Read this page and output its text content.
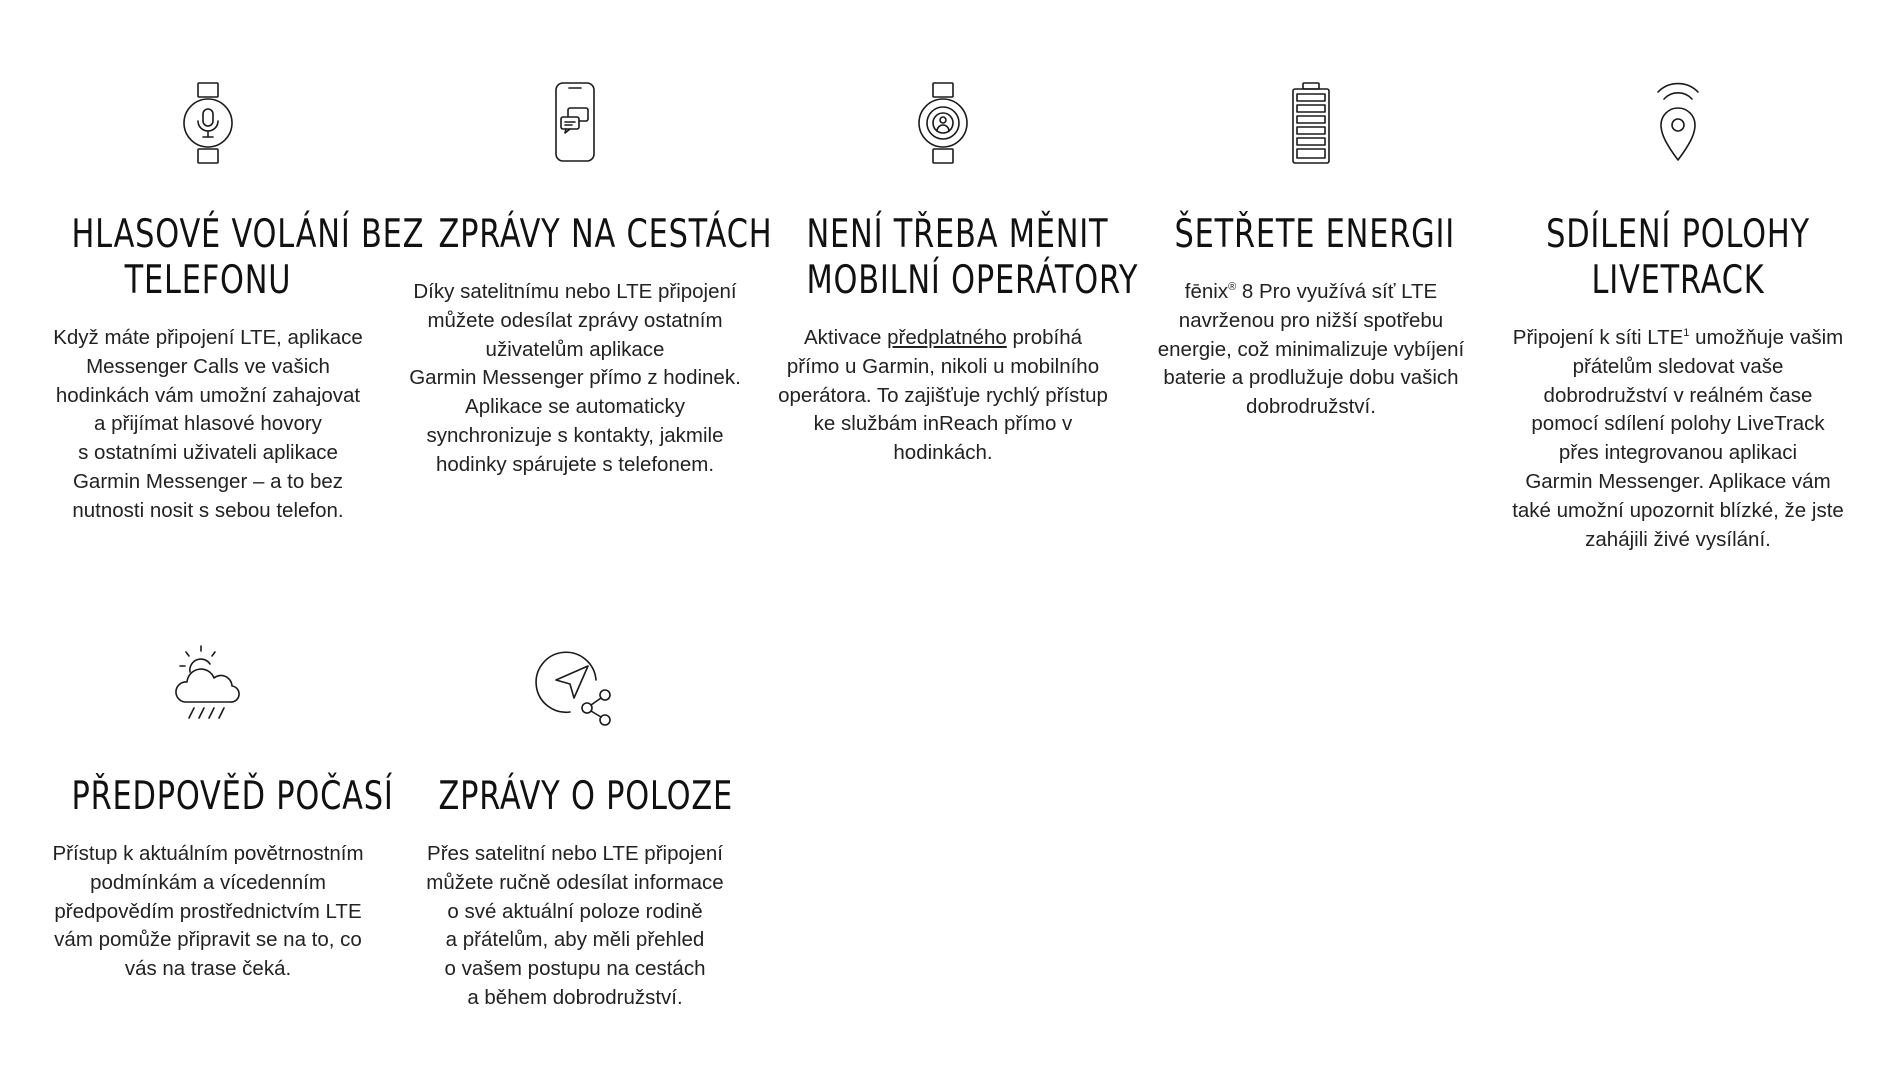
HLASOVÉ VOLÁNÍ BEZ
TELEFONU

Když máte připojení LTE, aplikace
Messenger Calls ve vašich
hodinkách vám umožní zahajovat
a přijímat hlasové hovory
s ostatními uživateli aplikace
Garmin Messenger – a to bez
nutnosti nosit s sebou telefon.

ZPRÁVY NA CESTÁCH

Díky satelitnímu nebo LTE připojení
můžete odesílat zprávy ostatním
uživatelům aplikace
Garmin Messenger přímo z hodinek.
Aplikace se automaticky
synchronizuje s kontakty, jakmile
hodinky spárujete s telefonem.

NENÍ TŘEBA MĚNIT
MOBILNÍ OPERÁTORY

Aktivace předplatného probíhá
přímo u Garmin, nikoli u mobilního
operátora. To zajišťuje rychlý přístup
ke službám inReach přímo v
hodinkách.

ŠETŘETE ENERGII

fēnix® 8 Pro využívá síť LTE
navrženou pro nižší spotřebu
energie, což minimalizuje vybíjení
baterie a prodlužuje dobu vašich
dobrodružství.

SDÍLENÍ POLOHY
LIVETRACK

Připojení k síti LTE$^1$ umožňuje vašim
přátelům sledovat vaše
dobrodružství v reálném čase
pomocí sdílení polohy LiveTrack
přes integrovanou aplikaci
Garmin Messenger. Aplikace vám
také umožní upozornit blízké, že jste
zahájili živé vysílání.

PŘEDPOVĚĎ POČASÍ

Přístup k aktuálním povětrnostním
podmínkám a vícedenním
předpovědím prostřednictvím LTE
vám pomůže připravit se na to, co
vás na trase čeká.

ZPRÁVY O POLOZE

Přes satelitní nebo LTE připojení
můžete ručně odesílat informace
o své aktuální poloze rodině
a přátelům, aby měli přehled
o vašem postupu na cestách
a během dobrodružství.
